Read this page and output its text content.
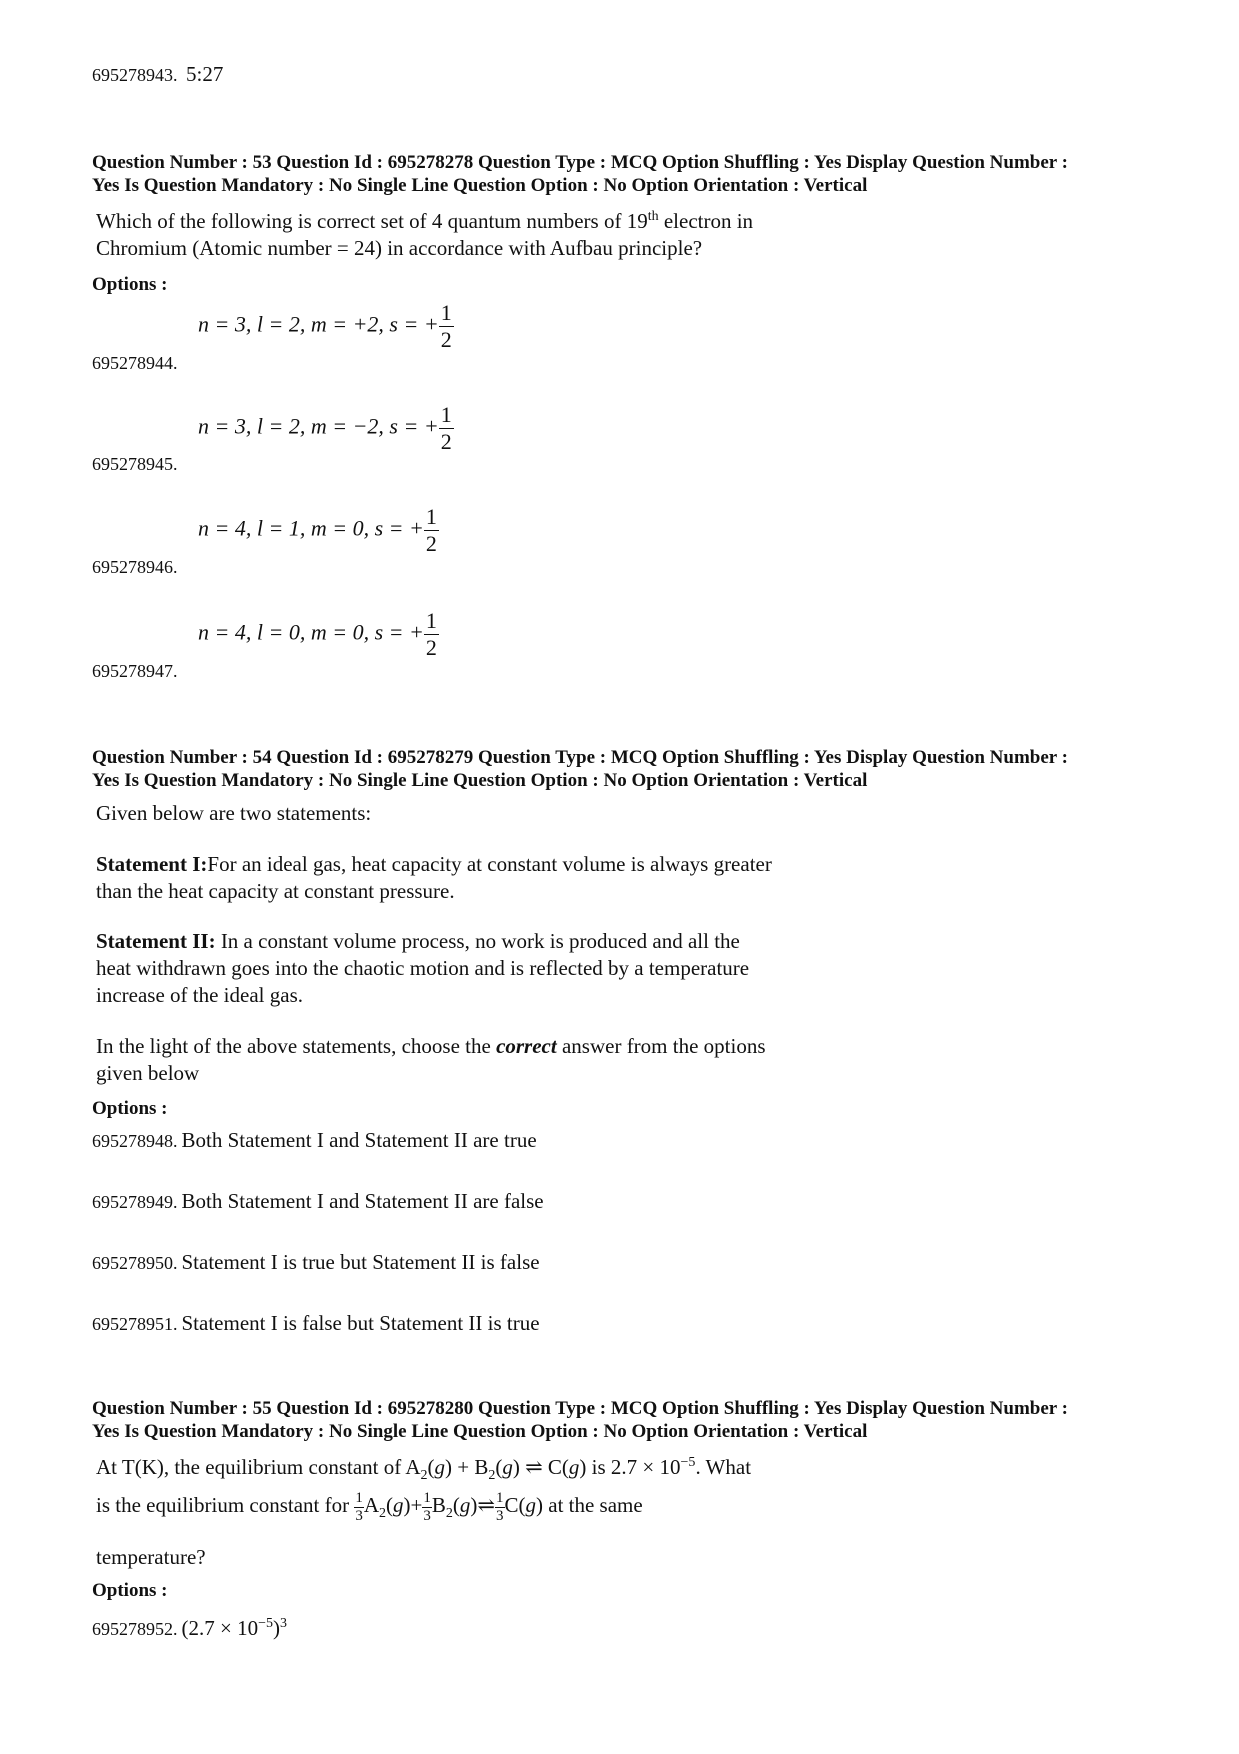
695278943. 5:27
Question Number : 53 Question Id : 695278278 Question Type : MCQ Option Shuffling : Yes Display Question Number :
Yes Is Question Mandatory : No Single Line Question Option : No Option Orientation : Vertical
Which of the following is correct set of 4 quantum numbers of 19th electron in
Chromium (Atomic number = 24) in accordance with Aufbau principle?
Options :
695278944.
n = 3, l = 2, m = +2, s = + $\frac{1}{2}$
695278945.
n = 3, l = 2, m = −2, s = + $\frac{1}{2}$
695278946.
n = 4, l = 1, m = 0, s = + $\frac{1}{2}$
695278947.
n = 4, l = 0, m = 0, s = + $\frac{1}{2}$
Question Number : 54 Question Id : 695278279 Question Type : MCQ Option Shuffling : Yes Display Question Number :
Yes Is Question Mandatory : No Single Line Question Option : No Option Orientation : Vertical
Given below are two statements:
Statement I:For an ideal gas, heat capacity at constant volume is always greater
than the heat capacity at constant pressure.
Statement II: In a constant volume process, no work is produced and all the
heat withdrawn goes into the chaotic motion and is reflected by a temperature
increase of the ideal gas.
In the light of the above statements, choose the correct answer from the options
given below
Options :
695278948. Both Statement I and Statement II are true
695278949. Both Statement I and Statement II are false
695278950. Statement I is true but Statement II is false
695278951. Statement I is false but Statement II is true
Question Number : 55 Question Id : 695278280 Question Type : MCQ Option Shuffling : Yes Display Question Number :
Yes Is Question Mandatory : No Single Line Question Option : No Option Orientation : Vertical
At T(K), the equilibrium constant of $A_2(g) + B_2(g)$ ⇌ C(g) is $2.7 \times 10^{-5}$. What
is the equilibrium constant for $\frac{1}{3} A_2(g)+ \frac{1}{3}$ $B_2(g)\rightleftharpoons \frac{1}{3} C(g)$ at the same
temperature?
Options :
695278952. $(2.7 \times 10^{-5})^3$
